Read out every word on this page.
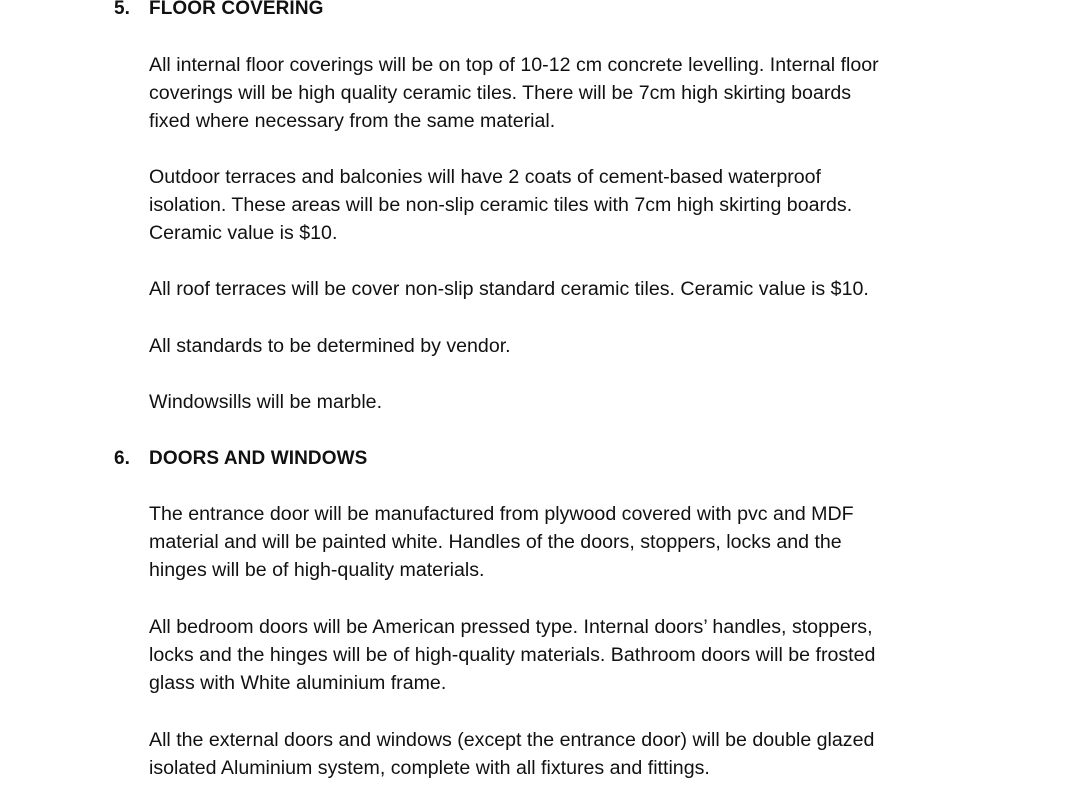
5. FLOOR COVERING
All internal floor coverings will be on top of 10-12 cm concrete levelling. Internal floor
coverings will be high quality ceramic tiles. There will be 7cm high skirting boards
fixed where necessary from the same material.
Outdoor terraces and balconies will have 2 coats of cement-based waterproof
isolation. These areas will be non-slip ceramic tiles with 7cm high skirting boards.
Ceramic value is $10.
All roof terraces will be cover non-slip standard ceramic tiles. Ceramic value is $10.
All standards to be determined by vendor.
Windowsills will be marble.
6. DOORS AND WINDOWS
The entrance door will be manufactured from plywood covered with pvc and MDF
material and will be painted white. Handles of the doors, stoppers, locks and the
hinges will be of high-quality materials.
All bedroom doors will be American pressed type. Internal doors’ handles, stoppers,
locks and the hinges will be of high-quality materials. Bathroom doors will be frosted
glass with White aluminium frame.
All the external doors and windows (except the entrance door) will be double glazed
isolated Aluminium system, complete with all fixtures and fittings.
